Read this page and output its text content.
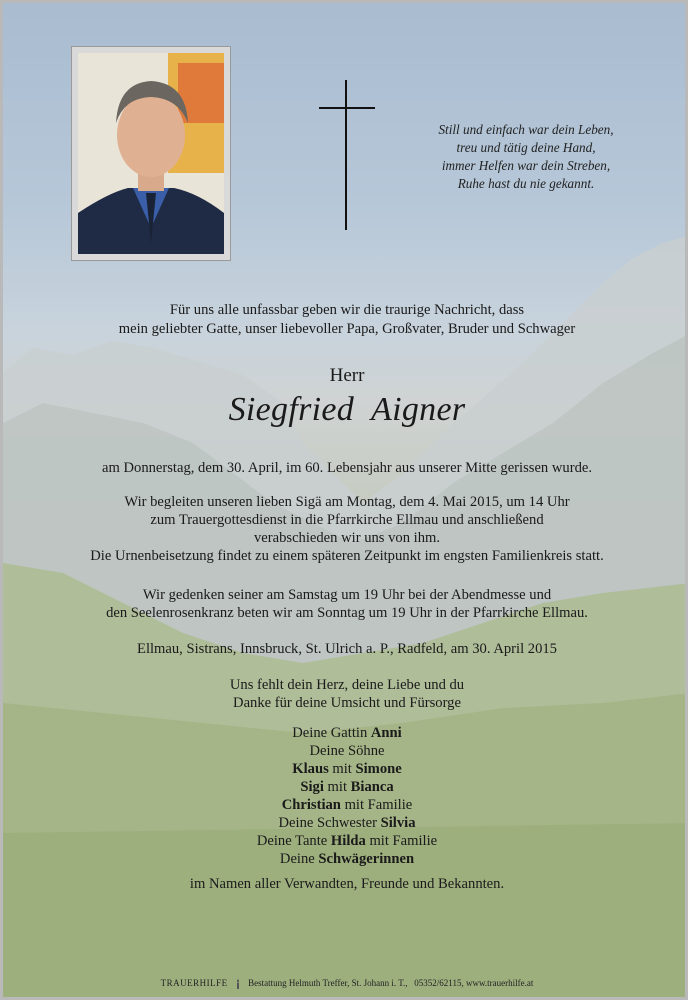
Still und einfach war dein Leben,
treu und tätig deine Hand,
immer Helfen war dein Streben,
Ruhe hast du nie gekannt.
Für uns alle unfassbar geben wir die traurige Nachricht, dass
mein geliebter Gatte, unser liebevoller Papa, Großvater, Bruder und Schwager
Herr
Siegfried  Aigner
am Donnerstag, dem 30. April, im 60. Lebensjahr aus unserer Mitte gerissen wurde.
Wir begleiten unseren lieben Sigä am Montag, dem 4. Mai 2015, um 14 Uhr
zum Trauergottesdienst in die Pfarrkirche Ellmau und anschließend
verabschieden wir uns von ihm.
Die Urnenbeisetzung findet zu einem späteren Zeitpunkt im engsten Familienkreis statt.
Wir gedenken seiner am Samstag um 19 Uhr bei der Abendmesse und
den Seelenrosenkranz beten wir am Sonntag um 19 Uhr in der Pfarrkirche Ellmau.
Ellmau, Sistrans, Innsbruck, St. Ulrich a. P., Radfeld, am 30. April 2015
Uns fehlt dein Herz, deine Liebe und du
Danke für deine Umsicht und Fürsorge
Deine Gattin Anni
Deine Söhne
Klaus mit Simone
Sigi mit Bianca
Christian mit Familie
Deine Schwester Silvia
Deine Tante Hilda mit Familie
Deine Schwägerinnen
im Namen aller Verwandten, Freunde und Bekannten.
TRAUERHILFE Bestattung Helmuth Treffer, St. Johann i. T.,   05352/62115, www.trauerhilfe.at
